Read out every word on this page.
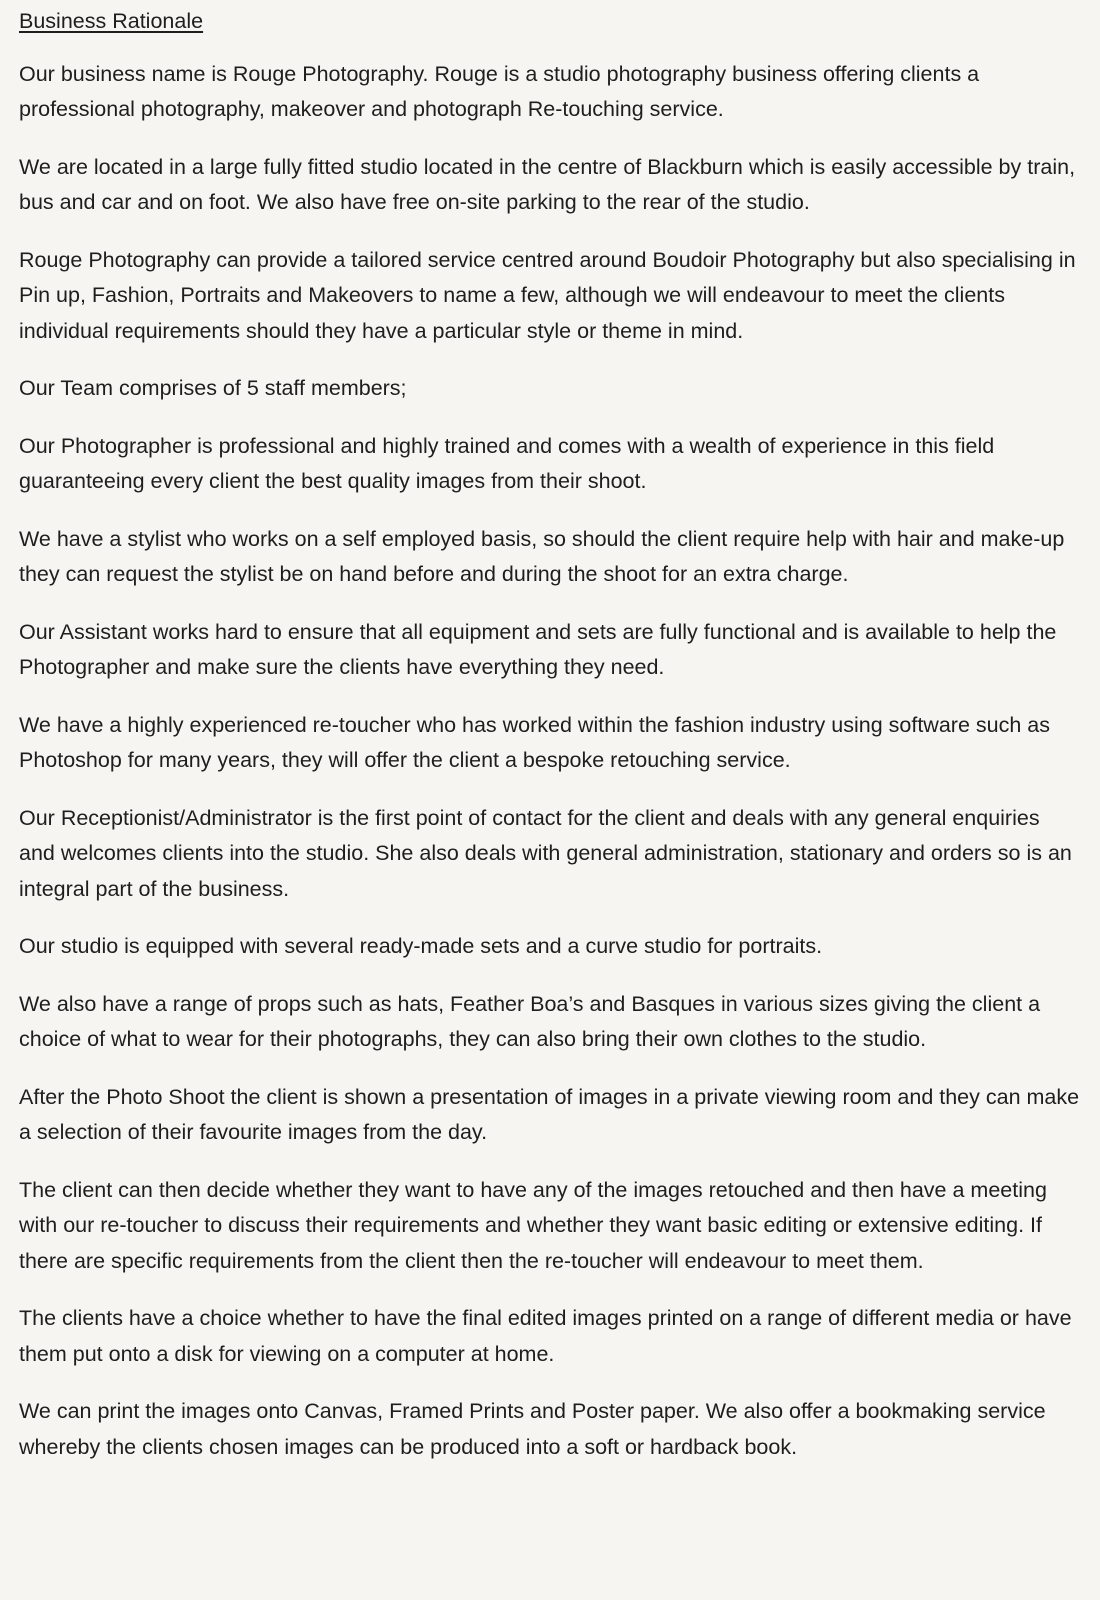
Business Rationale

Our business name is Rouge Photography. Rouge is a studio photography business offering clients a professional photography, makeover and photograph Re-touching service.

We are located in a large fully fitted studio located in the centre of Blackburn which is easily accessible by train, bus and car and on foot. We also have free on-site parking to the rear of the studio.

Rouge Photography can provide a tailored service centred around Boudoir Photography but also specialising in Pin up, Fashion, Portraits and Makeovers to name a few, although we will endeavour to meet the clients individual requirements should they have a particular style or theme in mind.

Our Team comprises of 5 staff members;

Our Photographer is professional and highly trained and comes with a wealth of experience in this field guaranteeing every client the best quality images from their shoot.

We have a stylist who works on a self employed basis, so should the client require help with hair and make-up they can request the stylist be on hand before and during the shoot for an extra charge.

Our Assistant works hard to ensure that all equipment and sets are fully functional and is available to help the Photographer and make sure the clients have everything they need.

We have a highly experienced re-toucher who has worked within the fashion industry using software such as Photoshop for many years, they will offer the client a bespoke retouching service.

Our Receptionist/Administrator is the first point of contact for the client and deals with any general enquiries and welcomes clients into the studio. She also deals with general administration, stationary and orders so is an integral part of the business.

Our studio is equipped with several ready-made sets and a curve studio for portraits.

We also have a range of props such as hats, Feather Boa’s and Basques in various sizes giving the client a choice of what to wear for their photographs, they can also bring their own clothes to the studio.

After the Photo Shoot the client is shown a presentation of images in a private viewing room and they can make a selection of their favourite images from the day.

The client can then decide whether they want to have any of the images retouched and then have a meeting with our re-toucher to discuss their requirements and whether they want basic editing or extensive editing. If there are specific requirements from the client then the re-toucher will endeavour to meet them.

The clients have a choice whether to have the final edited images printed on a range of different media or have them put onto a disk for viewing on a computer at home.

We can print the images onto Canvas, Framed Prints and Poster paper. We also offer a bookmaking service whereby the clients chosen images can be produced into a soft or hardback book.
